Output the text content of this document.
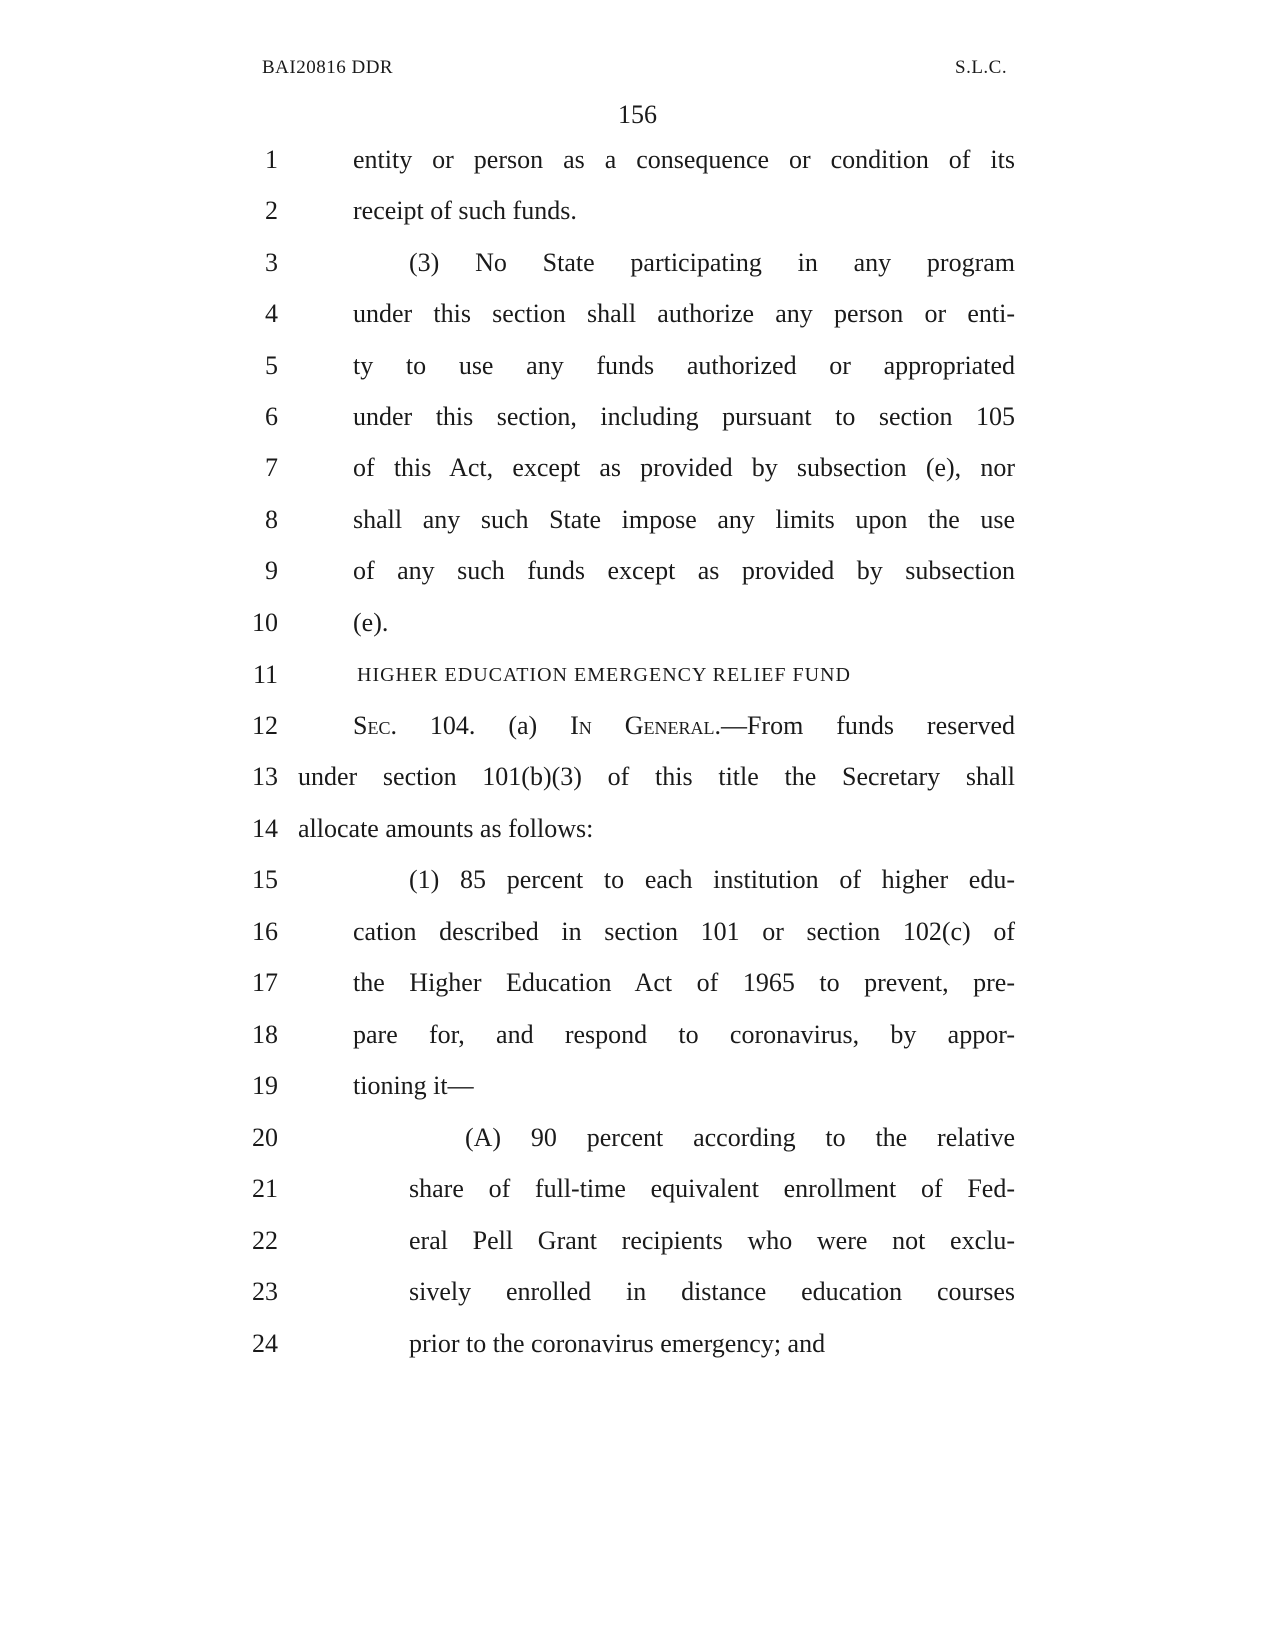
BAI20816 DDR	S.L.C.
156
1	entity or person as a consequence or condition of its
2	receipt of such funds.
3	(3) No State participating in any program
4	under this section shall authorize any person or enti-
5	ty to use any funds authorized or appropriated
6	under this section, including pursuant to section 105
7	of this Act, except as provided by subsection (e), nor
8	shall any such State impose any limits upon the use
9	of any such funds except as provided by subsection
10	(e).
11	HIGHER EDUCATION EMERGENCY RELIEF FUND
12	Sec. 104. (a) In General.—From funds reserved
13 under section 101(b)(3) of this title the Secretary shall
14 allocate amounts as follows:
15	(1) 85 percent to each institution of higher edu-
16	cation described in section 101 or section 102(c) of
17	the Higher Education Act of 1965 to prevent, pre-
18	pare for, and respond to coronavirus, by appor-
19	tioning it—
20	(A) 90 percent according to the relative
21	share of full-time equivalent enrollment of Fed-
22	eral Pell Grant recipients who were not exclu-
23	sively enrolled in distance education courses
24	prior to the coronavirus emergency; and
